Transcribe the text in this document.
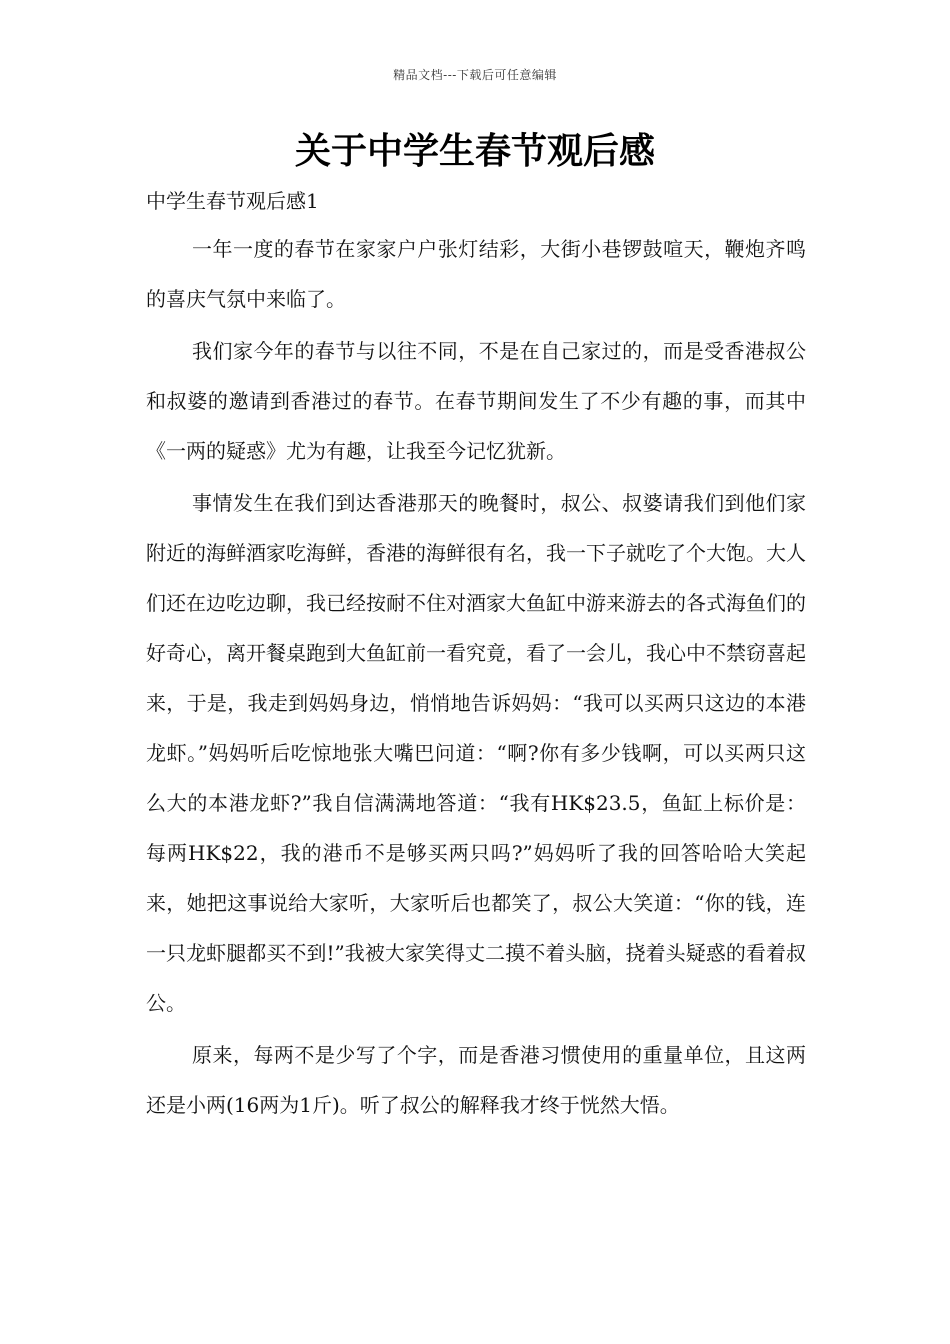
精品文档---下载后可任意编辑
关于中学生春节观后感
中学生春节观后感1

一年一度的春节在家家户户张灯结彩，大街小巷锣鼓喧天，鞭炮齐鸣的喜庆气氛中来临了。

我们家今年的春节与以往不同，不是在自己家过的，而是受香港叔公和叔婆的邀请到香港过的春节。在春节期间发生了不少有趣的事，而其中《一两的疑惑》尤为有趣，让我至今记忆犹新。

事情发生在我们到达香港那天的晚餐时，叔公、叔婆请我们到他们家附近的海鲜酒家吃海鲜，香港的海鲜很有名，我一下子就吃了个大饱。大人们还在边吃边聊，我已经按耐不住对酒家大鱼缸中游来游去的各式海鱼们的好奇心，离开餐桌跑到大鱼缸前一看究竟，看了一会儿，我心中不禁窃喜起来，于是，我走到妈妈身边，悄悄地告诉妈妈：“我可以买两只这边的本港龙虾。”妈妈听后吃惊地张大嘴巴问道：“啊?你有多少钱啊，可以买两只这么大的本港龙虾?”我自信满满地答道：“我有HK$23.5，鱼缸上标价是：每两HK$22，我的港币不是够买两只吗?”妈妈听了我的回答哈哈大笑起来，她把这事说给大家听，大家听后也都笑了，叔公大笑道：“你的钱，连一只龙虾腿都买不到!”我被大家笑得丈二摸不着头脑，挠着头疑惑的看着叔公。

原来，每两不是少写了个字，而是香港习惯使用的重量单位，且这两还是小两(16两为1斤)。听了叔公的解释我才终于恍然大悟。
